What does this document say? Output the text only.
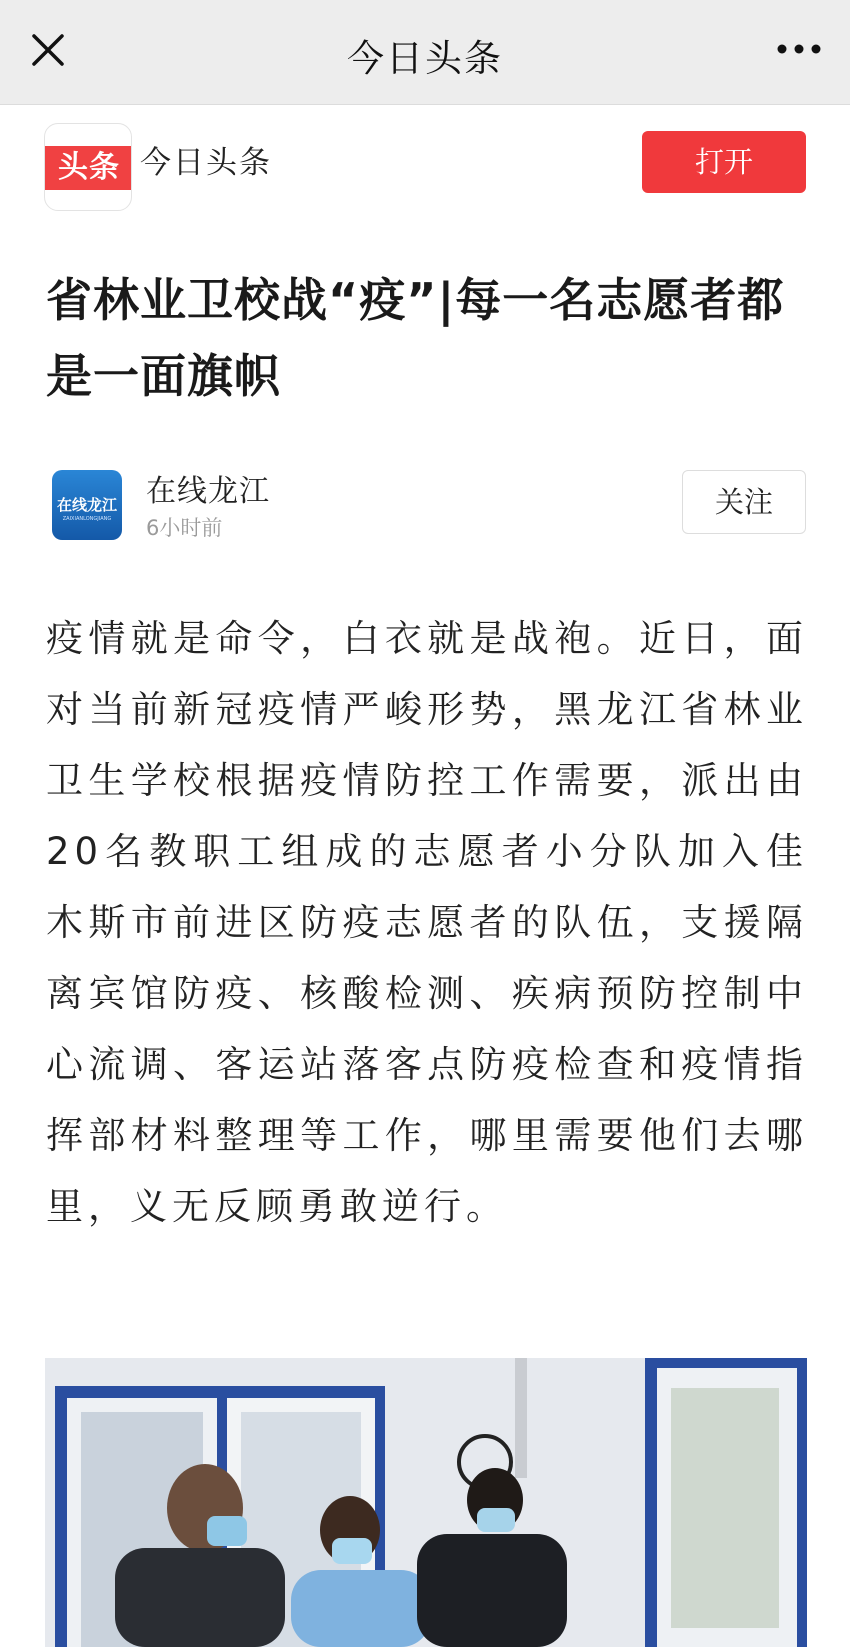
今日头条
头条 今日头条	打开
省林业卫校战“疫”|每一名志愿者都是一面旗帜
在线龙江
ZAIXIANLONGJIANG
在线龙江
6小时前
关注
疫情就是命令，白衣就是战袍。近日，面对当前新冠疫情严峻形势，黑龙江省林业卫生学校根据疫情防控工作需要，派出由20名教职工组成的志愿者小分队加入佳木斯市前进区防疫志愿者的队伍，支援隔离宾馆防疫、核酸检测、疾病预防控制中心流调、客运站落客点防疫检查和疫情指挥部材料整理等工作，哪里需要他们去哪里，义无反顾勇敢逆行。
